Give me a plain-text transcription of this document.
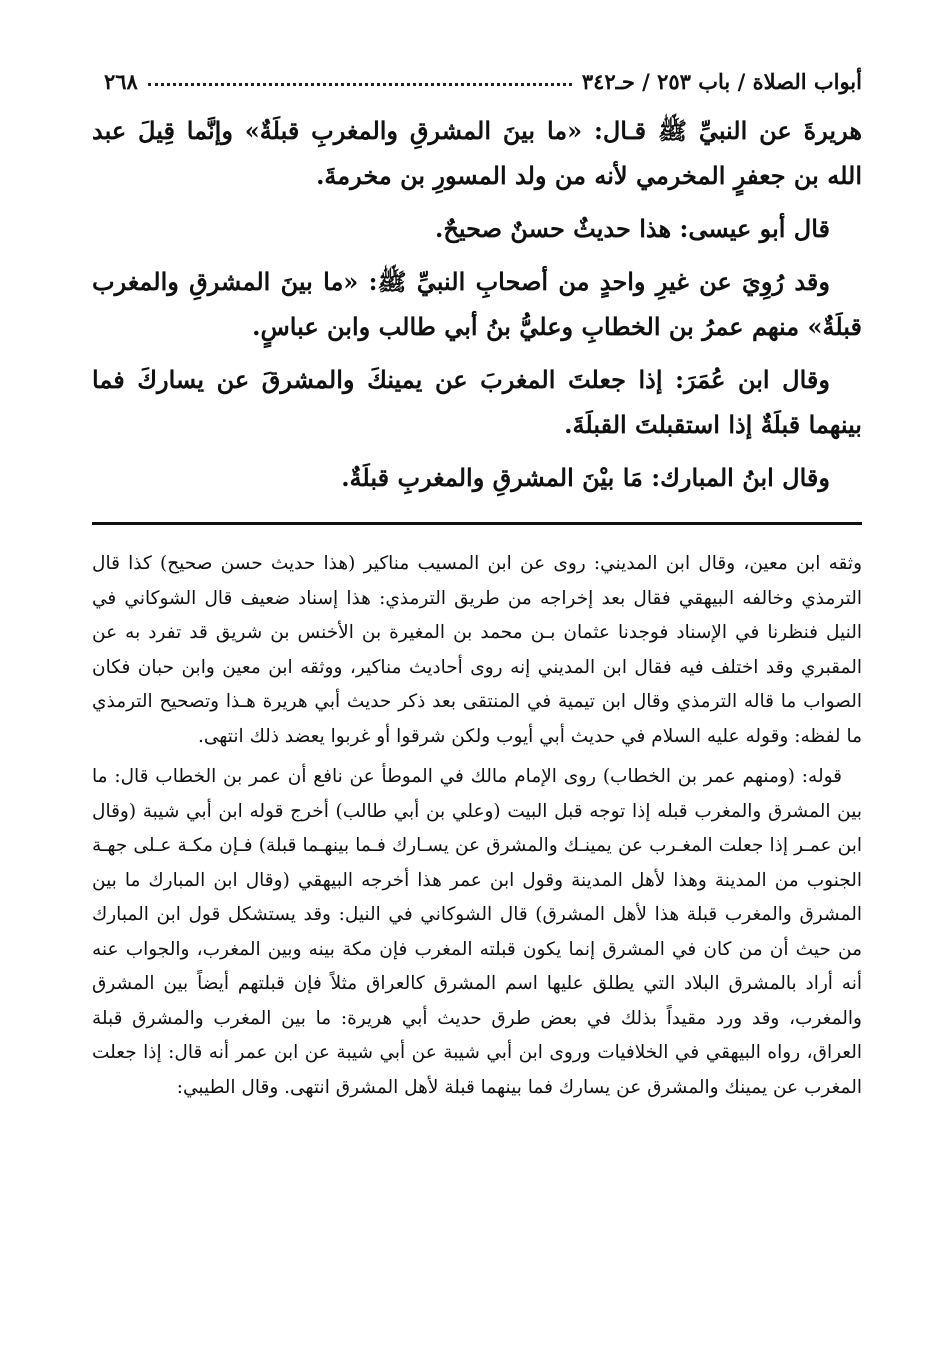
أبواب الصلاة / باب ٢٥٣ / حـ٣٤٢
٢٦٨

هريرةَ عن النبيِّ ﷺ قـال: «ما بينَ المشرقِ والمغربِ قبلَةٌ» وإنَّما قِيلَ عبد الله بن جعفرٍ المخرمي لأنه من ولد المسورِ بن مخرمةَ.

قال أبو عيسى: هذا حديثٌ حسنٌ صحيحٌ.

وقد رُوِيَ عن غيرِ واحدٍ من أصحابِ النبيِّ ﷺ: «ما بينَ المشرقِ والمغرب قبلَةٌ» منهم عمرُ بن الخطابِ وعليُّ بنُ أبي طالب وابن عباسٍ.

وقال ابن عُمَرَ: إذا جعلتَ المغربَ عن يمينكَ والمشرقَ عن يساركَ فما بينهما قبلَةٌ إذا استقبلتَ القبلَةَ.

وقال ابنُ المبارك: مَا بيْنَ المشرقِ والمغربِ قبلَةٌ.

وثقه ابن معين، وقال ابن المديني: روى عن ابن المسيب مناكير (هذا حديث حسن صحيح) كذا قال الترمذي وخالفه البيهقي فقال بعد إخراجه من طريق الترمذي: هذا إسناد ضعيف قال الشوكاني في النيل فنظرنا في الإسناد فوجدنا عثمان بـن محمد بن المغيرة بن الأخنس بن شريق قد تفرد به عن المقبري وقد اختلف فيه فقال ابن المديني إنه روى أحاديث مناكير، ووثقه ابن معين وابن حبان فكان الصواب ما قاله الترمذي وقال ابن تيمية في المنتقى بعد ذكر حديث أبي هريرة هـذا وتصحيح الترمذي ما لفظه: وقوله عليه السلام في حديث أبي أيوب ولكن شرقوا أو غربوا يعضد ذلك انتهى.

قوله: (ومنهم عمر بن الخطاب) روى الإمام مالك في الموطأ عن نافع أن عمر بن الخطاب قال: ما بين المشرق والمغرب قبله إذا توجه قبل البيت (وعلي بن أبي طالب) أخرج قوله ابن أبي شيبة (وقال ابن عمـر إذا جعلت المغـرب عن يمينـك والمشرق عن يسـارك فـما بينهـما قبلة) فـإن مكـة عـلى جهـة الجنوب من المدينة وهذا لأهل المدينة وقول ابن عمر هذا أخرجه البيهقي (وقال ابن المبارك ما بين المشرق والمغرب قبلة هذا لأهل المشرق) قال الشوكاني في النيل: وقد يستشكل قول ابن المبارك من حيث أن من كان في المشرق إنما يكون قبلته المغرب فإن مكة بينه وبين المغرب، والجواب عنه أنه أراد بالمشرق البلاد التي يطلق عليها اسم المشرق كالعراق مثلاً فإن قبلتهم أيضاً بين المشرق والمغرب، وقد ورد مقيداً بذلك في بعض طرق حديث أبي هريرة: ما بين المغرب والمشرق قبلة العراق، رواه البيهقي في الخلافيات وروى ابن أبي شيبة عن أبي شيبة عن ابن عمر أنه قال: إذا جعلت المغرب عن يمينك والمشرق عن يسارك فما بينهما قبلة لأهل المشرق انتهى. وقال الطيبي:
